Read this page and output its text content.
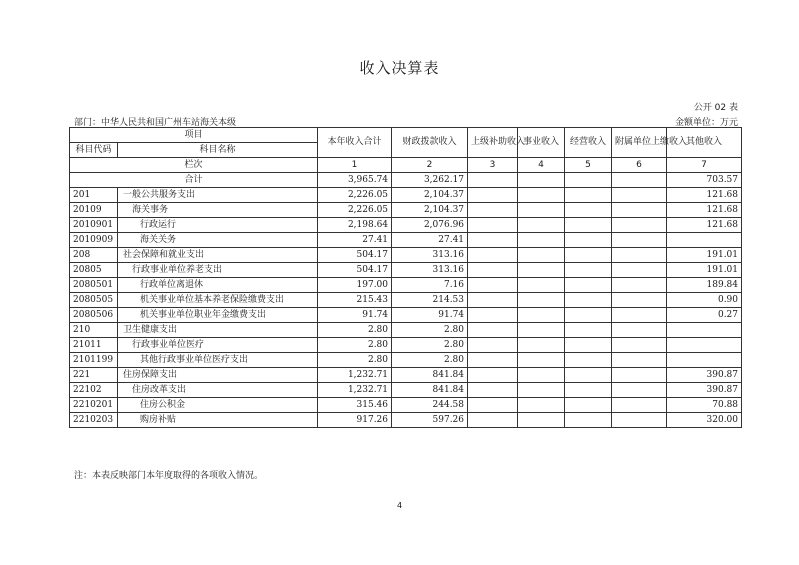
收入决算表
公开 02 表
部门：中华人民共和国广州车站海关本级	金额单位：万元
项目		本年收入合计	财政拨款收入	上级补助收入	事业收入	经营收入	附属单位上缴收入	其他收入
科目代码	科目名称							
栏次		1	2	3	4	5	6	7
合计		3,965.74	3,262.17					703.57
201	一般公共服务支出	2,226.05	2,104.37					121.68
20109	海关事务	2,226.05	2,104.37					121.68
2010901	行政运行	2,198.64	2,076.96					121.68
2010909	海关关务	27.41	27.41					
208	社会保障和就业支出	504.17	313.16					191.01
20805	行政事业单位养老支出	504.17	313.16					191.01
2080501	行政单位离退休	197.00	7.16					189.84
2080505	机关事业单位基本养老保险缴费支出	215.43	214.53					0.90
2080506	机关事业单位职业年金缴费支出	91.74	91.74					0.27
210	卫生健康支出	2.80	2.80					
21011	行政事业单位医疗	2.80	2.80					
2101199	其他行政事业单位医疗支出	2.80	2.80					
221	住房保障支出	1,232.71	841.84					390.87
22102	住房改革支出	1,232.71	841.84					390.87
2210201	住房公积金	315.46	244.58					70.88
2210203	购房补贴	917.26	597.26					320.00
注：本表反映部门本年度取得的各项收入情况。
4
